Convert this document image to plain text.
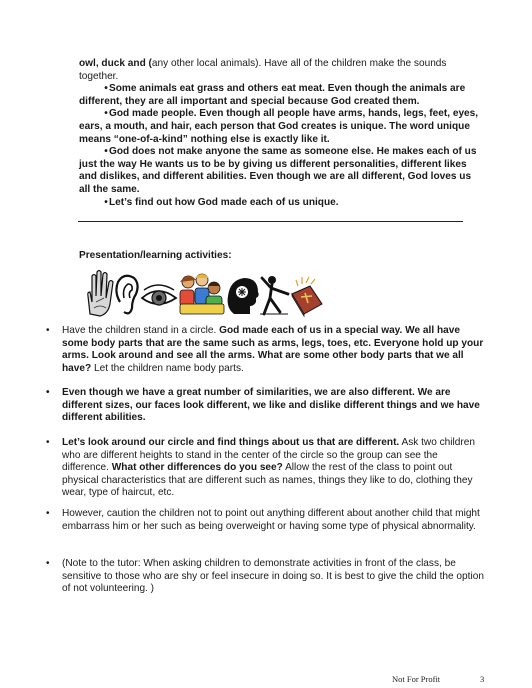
owl, duck and (any other local animals). Have all of the children make the sounds together.

•Some animals eat grass and others eat meat. Even though the animals are different, they are all important and special because God created them.

•God made people. Even though all people have arms, hands, legs, feet, eyes, ears, a mouth, and hair, each person that God creates is unique. The word unique means “one-of-a-kind” nothing else is exactly like it.

•God does not make anyone the same as someone else. He makes each of us just the way He wants us to be by giving us different personalities, different likes and dislikes, and different abilities. Even though we are all different, God loves us all the same.

•Let’s find out how God made each of us unique.

Presentation/learning activities:
• Have the children stand in a circle. God made each of us in a special way. We all have some body parts that are the same such as arms, legs, toes, etc. Everyone hold up your arms. Look around and see all the arms. What are some other body parts that we all have? Let the children name body parts.

• Even though we have a great number of similarities, we are also different. We are different sizes, our faces look different, we like and dislike different things and we have different abilities.

• Let’s look around our circle and find things about us that are different. Ask two children who are different heights to stand in the center of the circle so the group can see the difference. What other differences do you see? Allow the rest of the class to point out physical characteristics that are different such as names, things they like to do, clothing they wear, type of haircut, etc.

• However, caution the children not to point out anything different about another child that might embarrass him or her such as being overweight or having some type of physical abnormality.

• (Note to the tutor: When asking children to demonstrate activities in front of the class, be sensitive to those who are shy or feel insecure in doing so. It is best to give the child the option of not volunteering. )

Not For Profit	3
